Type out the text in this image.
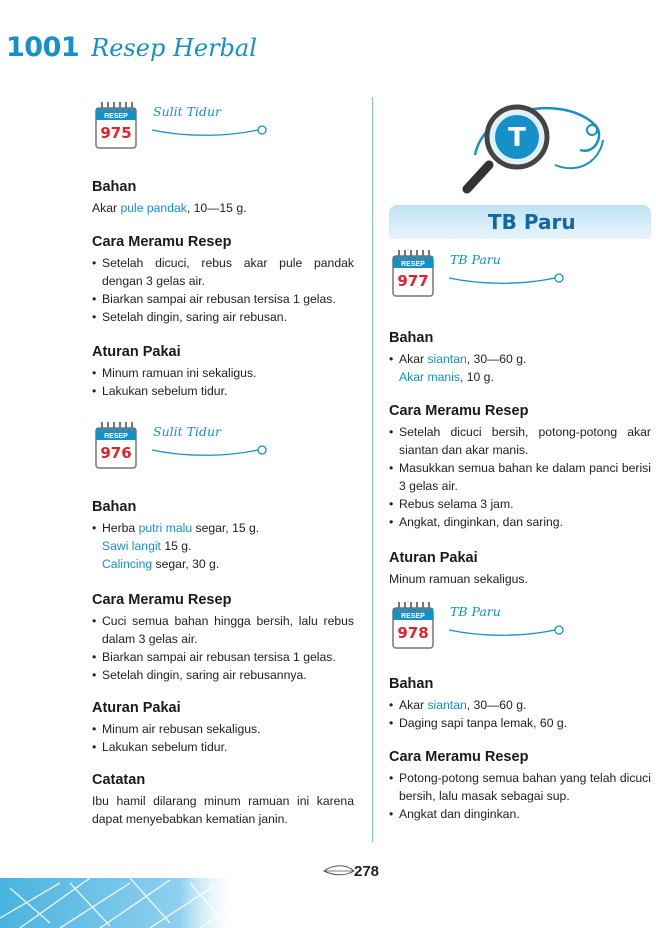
1001 Resep Herbal
RESEP
975
Sulit Tidur
Bahan

Akar pule pandak, 10—15 g.

Cara Meramu Resep
• Setelah dicuci, rebus akar pule pandak dengan 3 gelas air.
• Biarkan sampai air rebusan tersisa 1 gelas.
• Setelah dingin, saring air rebusan.
Aturan Pakai
• Minum ramuan ini sekaligus.
• Lakukan sebelum tidur.
RESEP
976
Sulit Tidur
Bahan
• Herba putri malu segar, 15 g.
Sawi langit 15 g.
Calincing segar, 30 g.
Cara Meramu Resep
• Cuci semua bahan hingga bersih, lalu rebus dalam 3 gelas air.
• Biarkan sampai air rebusan tersisa 1 gelas.
• Setelah dingin, saring air rebusannya.
Aturan Pakai
• Minum air rebusan sekaligus.
• Lakukan sebelum tidur.
Catatan

Ibu hamil dilarang minum ramuan ini karena dapat menyebabkan kematian janin.

T
TB Paru
RESEP
977
TB Paru
Bahan
• Akar siantan, 30—60 g.
Akar manis, 10 g.
Cara Meramu Resep
• Setelah dicuci bersih, potong-potong akar siantan dan akar manis.
• Masukkan semua bahan ke dalam panci berisi 3 gelas air.
• Rebus selama 3 jam.
• Angkat, dinginkan, dan saring.
Aturan Pakai

Minum ramuan sekaligus.

RESEP
978
TB Paru
Bahan
• Akar siantan, 30—60 g.
• Daging sapi tanpa lemak, 60 g.
Cara Meramu Resep
• Potong-potong semua bahan yang telah dicuci bersih, lalu masak sebagai sup.
• Angkat dan dinginkan.
278
